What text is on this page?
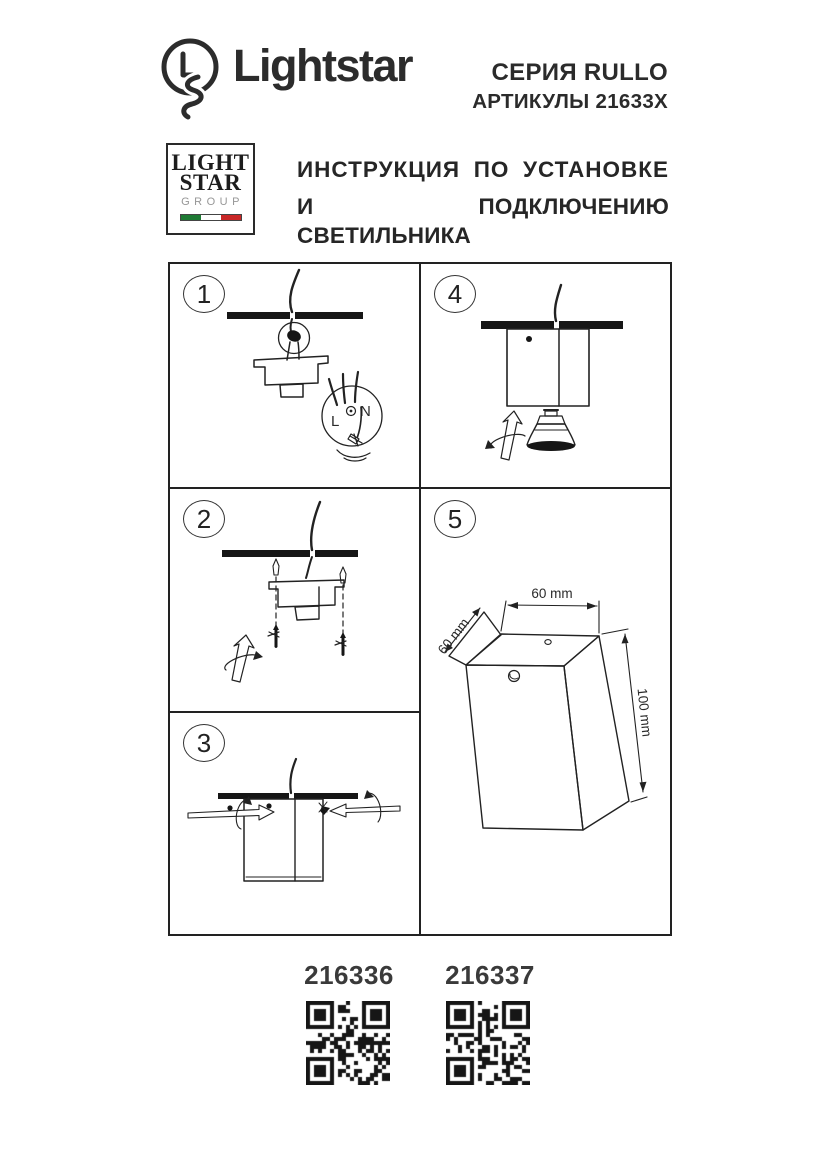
Lightstar	СЕРИЯ RULLO
АРТИКУЛЫ 21633X
LIGHT
STAR
GROUP
ИНСТРУКЦИЯ ПО УСТАНОВКЕ
И ПОДКЛЮЧЕНИЮ СВЕТИЛЬНИКА
1
L
N
2
3
4
5
60 mm
60 mm
100 mm
216336 216337
